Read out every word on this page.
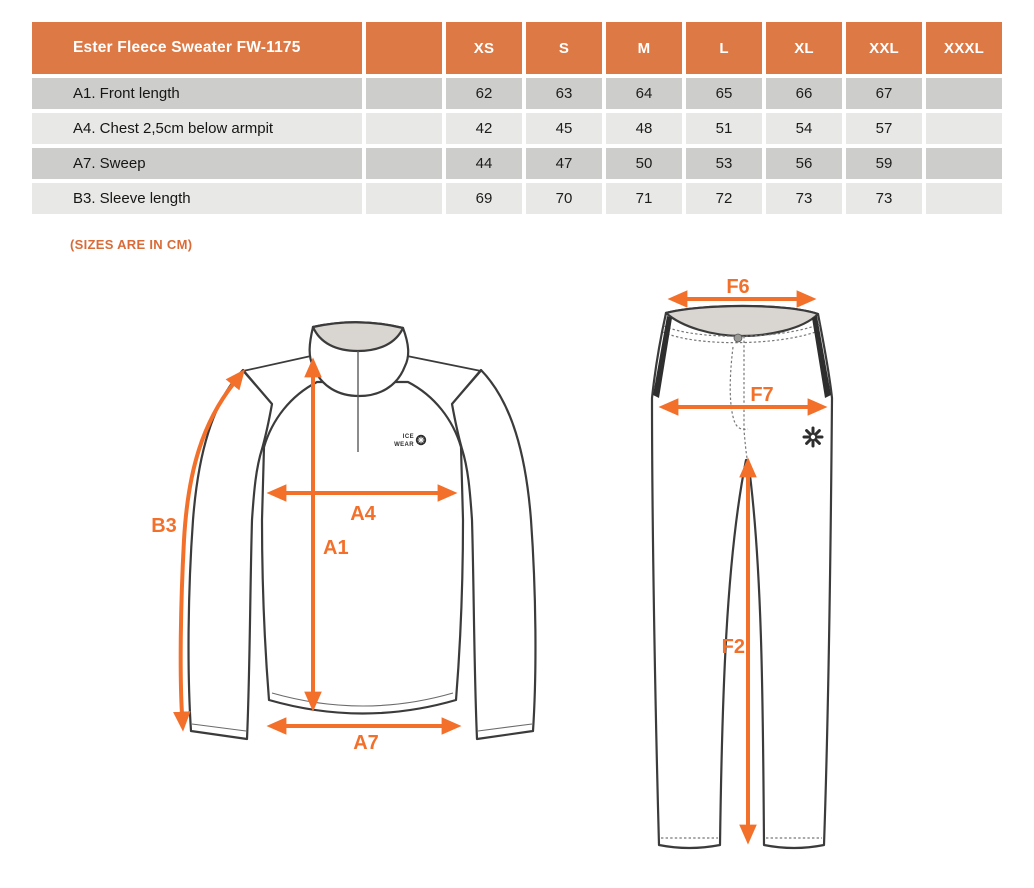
Ester Fleece Sweater FW-1175		XS	S	M	L	XL	XXL	XXXL
A1. Front length		62	63	64	65	66	67	
A4. Chest 2,5cm below armpit		42	45	48	51	54	57	
A7. Sweep		44	47	50	53	56	59	
B3. Sleeve length		69	70	71	72	73	73	
(SIZES ARE IN CM)
ICE
WEAR
B3
A4
A1
A7
F6
F7
F2
